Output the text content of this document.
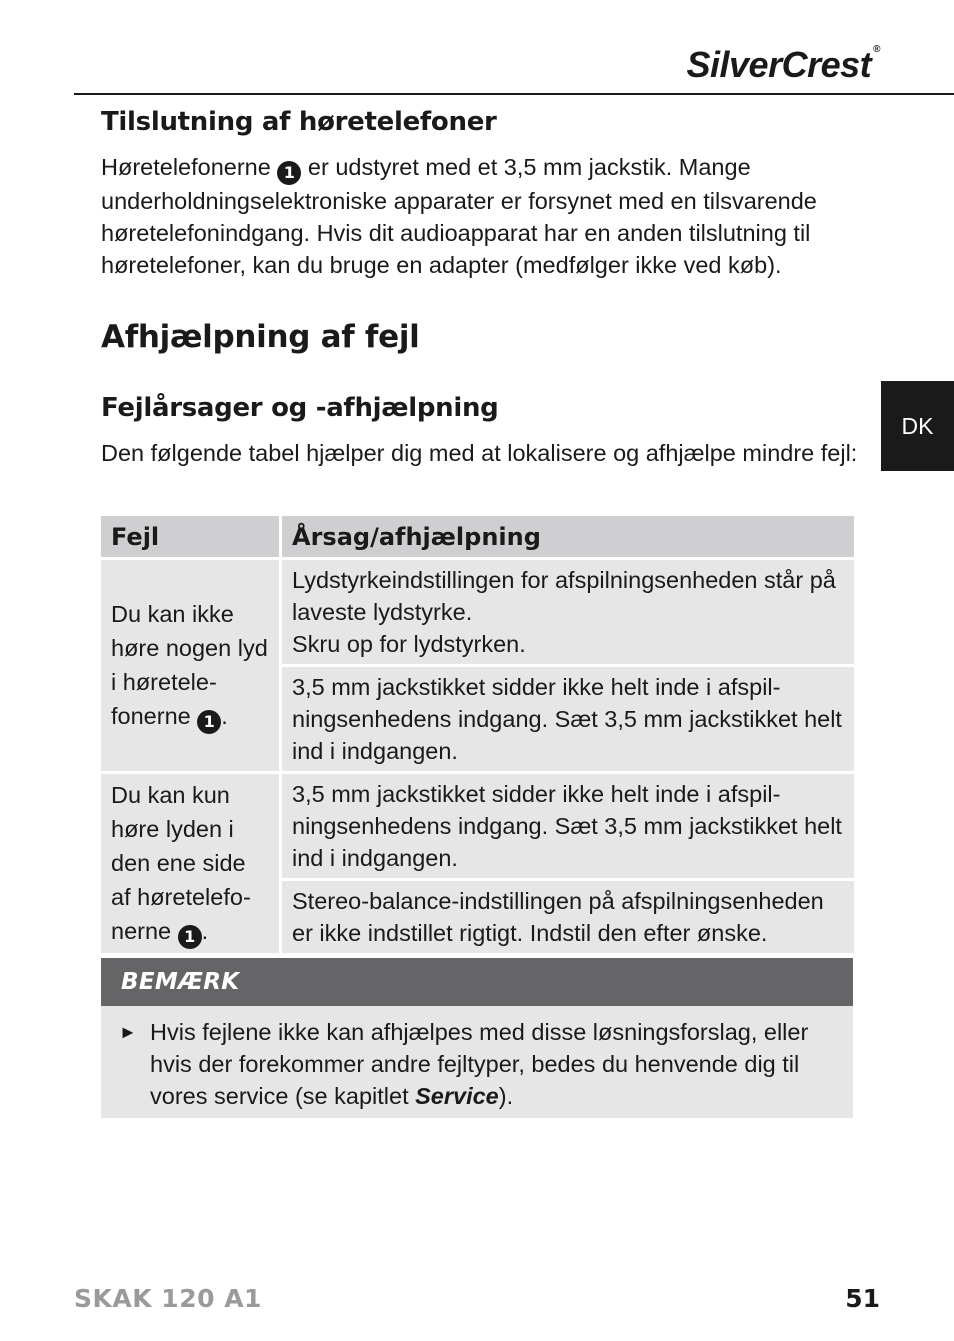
SilverCrest ®
DK
Tilslutning af høretelefoner

Høretelefonerne 1 er udstyret med et 3,5 mm jackstik. Mange underholdningselektroniske apparater er forsynet med en tilsvarende høretelefonindgang. Hvis dit audioapparat har en anden tilslutning til høretelefoner, kan du bruge en adapter (medfølger ikke ved køb).

Afhjælpning af fejl
Fejlårsager og -afhjælpning

Den følgende tabel hjælper dig med at lokalisere og afhjælpe mindre fejl:

Fejl	Årsag/afhjælpning
Du kan ikke høre nogen lyd i høretelefonerne 1 .	Lydstyrkeindstillingen for afspilningsenheden står på laveste lydstyrke.
Skru op for lydstyrken.
	3,5 mm jackstikket sidder ikke helt inde i afspilningsenhedens indgang. Sæt 3,5 mm jackstikket helt ind i indgangen.
Du kan kun høre lyden i den ene side af høretelefonerne 1 .	3,5 mm jackstikket sidder ikke helt inde i afspilningsenhedens indgang. Sæt 3,5 mm jackstikket helt ind i indgangen.
	Stereo-balance-indstillingen på afspilningsenheden er ikke indstillet rigtigt. Indstil den efter ønske.
BEMÆRK
► Hvis fejlene ikke kan afhjælpes med disse løsningsforslag, eller hvis der forekommer andre fejltyper, bedes du henvende dig til vores service (se kapitlet Service).
SKAK 120 A1	51
